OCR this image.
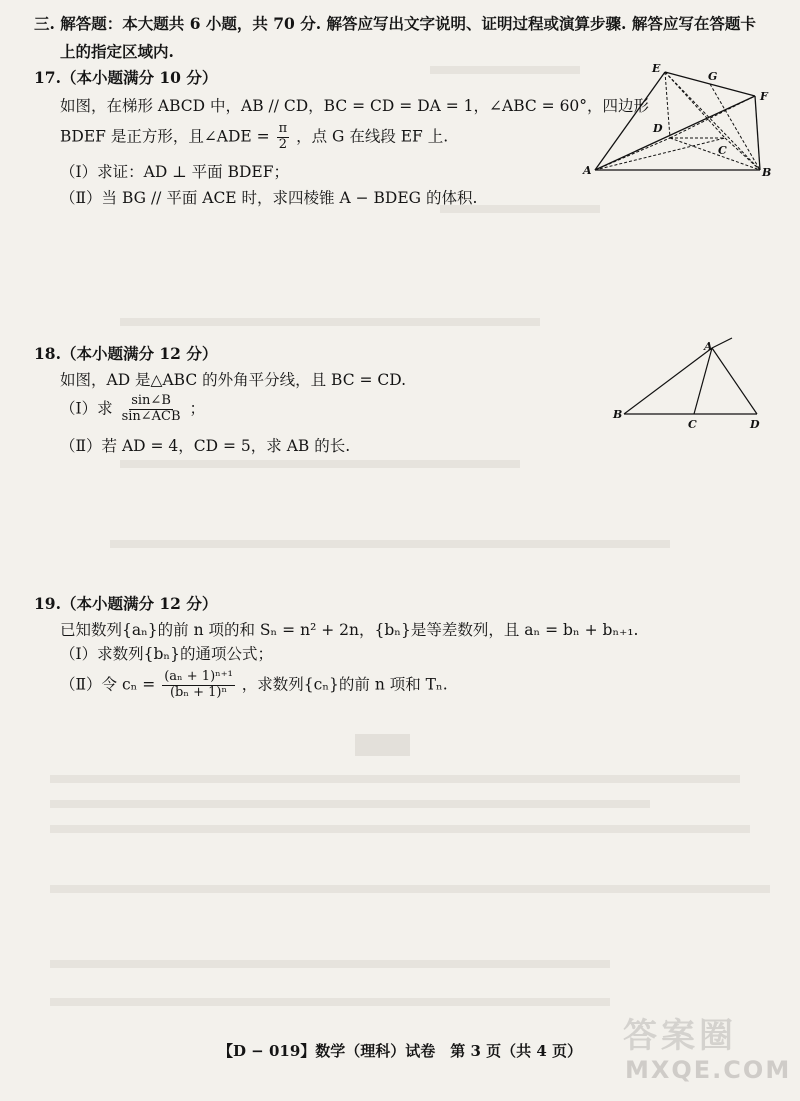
三. 解答题：本大题共 6 小题，共 70 分. 解答应写出文字说明、证明过程或演算步骤. 解答应写在答题卡
上的指定区域内.
17.（本小题满分 10 分）
如图，在梯形 ABCD 中，AB // CD，BC = CD = DA = 1，∠ABC = 60°，四边形
BDEF 是正方形，且∠ADE = $\frac{\pi}{2}$ ，点 G 在线段 EF 上.
（Ⅰ）求证：AD ⊥ 平面 BDEF；
（Ⅱ）当 BG // 平面 ACE 时，求四棱锥 A − BDEG 的体积.
E
G
F
D
C
A	B
18.（本小题满分 12 分）
如图，AD 是△ABC 的外角平分线，且 BC = CD.
（Ⅰ）求 $\frac{\sin\angle B}{\text{sin∠ACB}}$ ；
（Ⅱ）若 AD = 4，CD = 5，求 AB 的长.
A
B
C	D
19.（本小题满分 12 分）
已知数列{aₙ}的前 n 项的和 Sₙ = n² + 2n，{bₙ}是等差数列，且 aₙ = bₙ + bₙ₊₁.
（Ⅰ）求数列{bₙ}的通项公式；
（Ⅱ）令 $c_n = \frac{\text{(aₙ + 1)ⁿ⁺¹}}{\text{(bₙ + 1)ⁿ}}$ ，求数列{cₙ}的前 n 项和 Tₙ.
【D − 019】数学（理科）试卷　第 3 页（共 4 页）	答案圈
MXQE.COM
